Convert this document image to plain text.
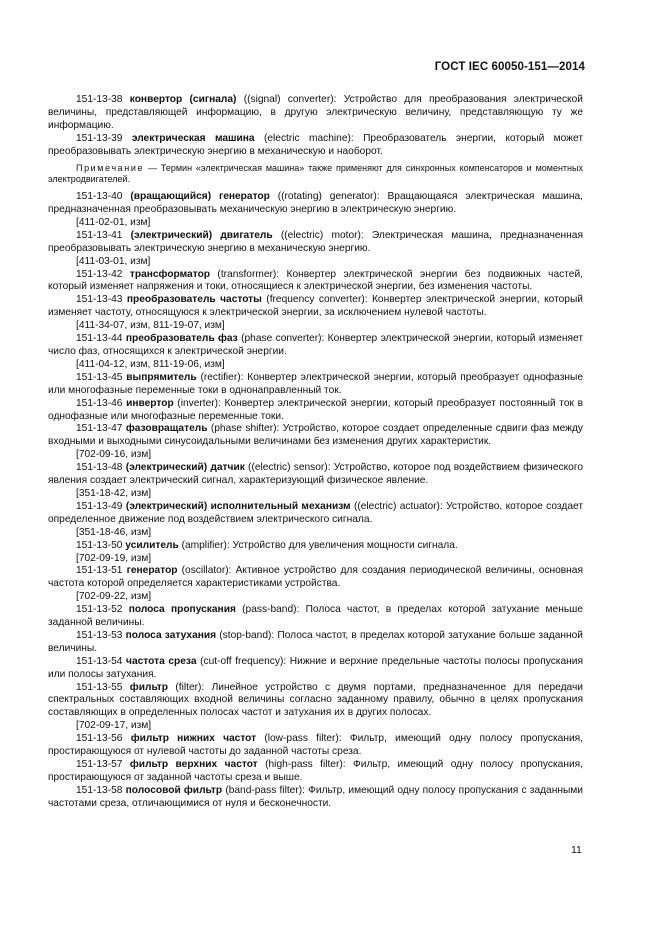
ГОСТ IEC 60050-151—2014

151-13-38 конвертор (сигнала) ((signal) converter): Устройство для преобразования электрической величины, представляющей информацию, в другую электрическую величину, представляющую ту же информацию.

151-13-39 электрическая машина (electric machine): Преобразователь энергии, который может преобразовывать электрическую энергию в механическую и наоборот.

Примечание — Термин «электрическая машина» также применяют для синхронных компенсаторов и моментных электродвигателей.

151-13-40 (вращающийся) генератор ((rotating) generator): Вращающаяся электрическая машина, предназначенная преобразовывать механическую энергию в электрическую энергию.

[411-02-01, изм]

151-13-41 (электрический) двигатель ((electric) motor): Электрическая машина, предназначенная преобразовывать электрическую энергию в механическую энергию.

[411-03-01, изм]

151-13-42 трансформатор (transformer): Конвертер электрической энергии без подвижных частей, который изменяет напряжения и токи, относящиеся к электрической энергии, без изменения частоты.

151-13-43 преобразователь частоты (frequency converter): Конвертер электрической энергии, который изменяет частоту, относящуюся к электрической энергии, за исключением нулевой частоты.

[411-34-07, изм, 811-19-07, изм]

151-13-44 преобразователь фаз (phase converter): Конвертер электрической энергии, который изменяет число фаз, относящихся к электрической энергии.

[411-04-12, изм, 811-19-06, изм]

151-13-45 выпрямитель (rectifier): Конвертер электрической энергии, который преобразует однофазные или многофазные переменные токи в однонаправленный ток.

151-13-46 инвертор (inverter): Конвертер электрической энергии, который преобразует постоянный ток в однофазные или многофазные переменные токи.

151-13-47 фазовращатель (phase shifter): Устройство, которое создает определенные сдвиги фаз между входными и выходными синусоидальными величинами без изменения других характеристик.

[702-09-16, изм]

151-13-48 (электрический) датчик ((electric) sensor): Устройство, которое под воздействием физического явления создает электрический сигнал, характеризующий физическое явление.

[351-18-42, изм]

151-13-49 (электрический) исполнительный механизм ((electric) actuator): Устройство, которое создает определенное движение под воздействием электрического сигнала.

[351-18-46, изм]

151-13-50 усилитель (amplifier): Устройство для увеличения мощности сигнала.

[702-09-19, изм]

151-13-51 генератор (oscillator): Активное устройство для создания периодической величины, основная частота которой определяется характеристиками устройства.

[702-09-22, изм]

151-13-52 полоса пропускания (pass-band): Полоса частот, в пределах которой затухание меньше заданной величины.

151-13-53 полоса затухания (stop-band): Полоса частот, в пределах которой затухание больше заданной величины.

151-13-54 частота среза (cut-off frequency): Нижние и верхние предельные частоты полосы пропускания или полосы затухания.

151-13-55 фильтр (filter): Линейное устройство с двумя портами, предназначенное для передачи спектральных составляющих входной величины согласно заданному правилу, обычно в целях пропускания составляющих в определенных полосах частот и затухания их в других полосах.

[702-09-17, изм]

151-13-56 фильтр нижних частот (low-pass filter): Фильтр, имеющий одну полосу пропускания, простирающуюся от нулевой частоты до заданной частоты среза.

151-13-57 фильтр верхних частот (high-pass filter): Фильтр, имеющий одну полосу пропускания, простирающуюся от заданной частоты среза и выше.

151-13-58 полосовой фильтр (band-pass filter): Фильтр, имеющий одну полосу пропускания с заданными частотами среза, отличающимися от нуля и бесконечности.

11
